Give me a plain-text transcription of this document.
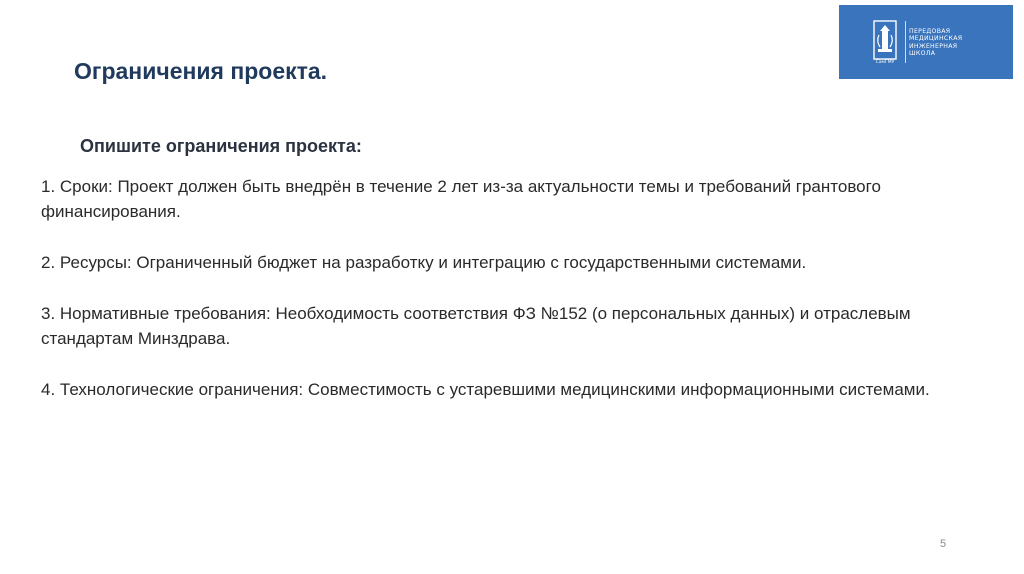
Ограничения проекта.	СамГМУ
ПЕРЕДОВАЯ
МЕДИЦИНСКАЯ
ИНЖЕНЕРНАЯ
ШКОЛА
Опишите ограничения проекта:
1. Сроки: Проект должен быть внедрён в течение 2 лет из-за актуальности темы и требований грантового финансирования.
2. Ресурсы: Ограниченный бюджет на разработку и интеграцию с государственными системами.
3. Нормативные требования: Необходимость соответствия ФЗ №152 (о персональных данных) и отраслевым стандартам Минздрава.
4. Технологические ограничения: Совместимость с устаревшими медицинскими информационными системами.
5
